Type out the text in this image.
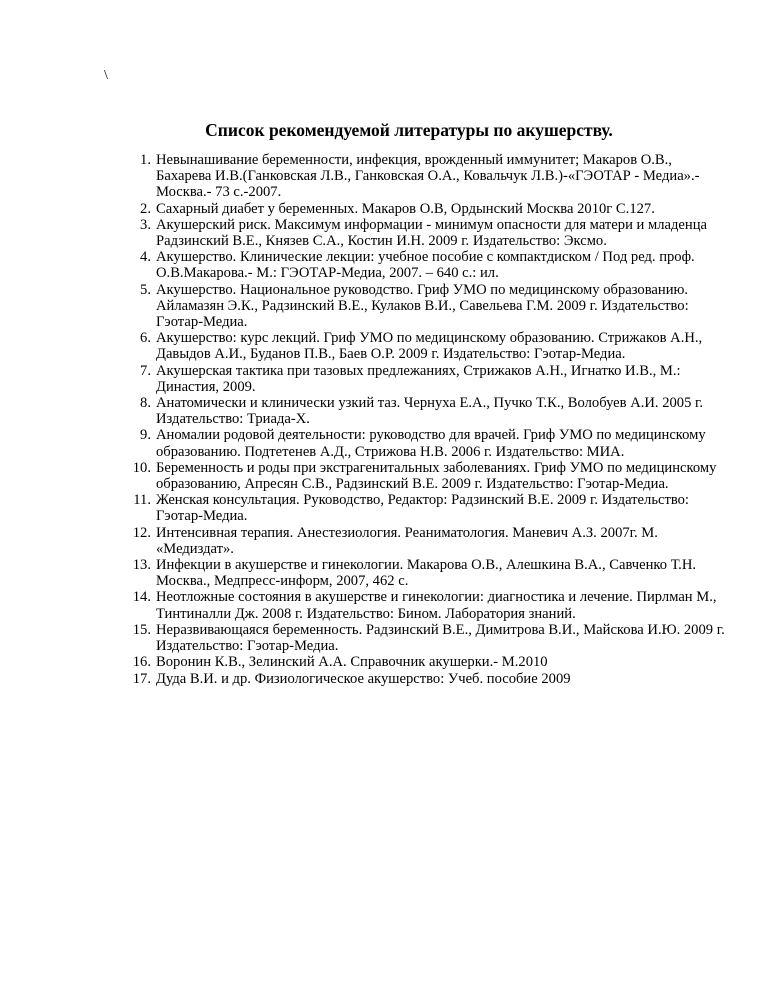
\
Список рекомендуемой литературы по акушерству.
1. Невынашивание беременности, инфекция, врожденный иммунитет; Макаров О.В., Бахарева И.В.(Ганковская Л.В., Ганковская О.А., Ковальчук Л.В.)-«ГЭОТАР - Медиа».- Москва.- 73 с.-2007.
2. Сахарный диабет у беременных. Макаров О.В, Ордынский Москва 2010г С.127.
3. Акушерский риск. Максимум информации - минимум опасности для матери и младенца Радзинский В.Е., Князев С.А., Костин И.Н. 2009 г. Издательство: Эксмо.
4. Акушерство. Клинические лекции: учебное пособие с компактдиском / Под ред. проф. О.В.Макарова.- М.: ГЭОТАР-Медиа, 2007. – 640 с.: ил.
5. Акушерство. Национальное руководство. Гриф УМО по медицинскому образованию. Айламазян Э.К., Радзинский В.Е., Кулаков В.И., Савельева Г.М. 2009 г. Издательство: Гэотар-Медиа.
6. Акушерство: курс лекций. Гриф УМО по медицинскому образованию. Стрижаков А.Н., Давыдов А.И., Буданов П.В., Баев О.Р. 2009 г. Издательство: Гэотар-Медиа.
7. Акушерская тактика при тазовых предлежаниях, Стрижаков А.Н., Игнатко И.В., М.: Династия, 2009.
8. Анатомически и клинически узкий таз. Чернуха Е.А., Пучко Т.К., Волобуев А.И. 2005 г. Издательство: Триада-Х.
9. Аномалии родовой деятельности: руководство для врачей. Гриф УМО по медицинскому образованию. Подтетенев А.Д., Стрижова Н.В. 2006 г. Издательство: МИА.
10. Беременность и роды при экстрагенитальных заболеваниях. Гриф УМО по медицинскому образованию, Апресян С.В., Радзинский В.Е. 2009 г. Издательство: Гэотар-Медиа.
11. Женская консультация. Руководство, Редактор: Радзинский В.Е. 2009 г. Издательство: Гэотар-Медиа.
12. Интенсивная терапия. Анестезиология. Реаниматология. Маневич А.З. 2007г. М. «Медиздат».
13. Инфекции в акушерстве и гинекологии. Макарова О.В., Алешкина В.А., Савченко Т.Н. Москва., Медпресс-информ, 2007, 462 с.
14. Неотложные состояния в акушерстве и гинекологии: диагностика и лечение. Пирлман М., Тинтиналли Дж. 2008 г. Издательство: Бином. Лаборатория знаний.
15. Неразвивающаяся беременность. Радзинский В.Е., Димитрова В.И., Майскова И.Ю. 2009 г. Издательство: Гэотар-Медиа.
16. Воронин К.В., Зелинский А.А. Справочник акушерки.- М.2010
17. Дуда В.И. и др. Физиологическое акушерство: Учеб. пособие 2009
